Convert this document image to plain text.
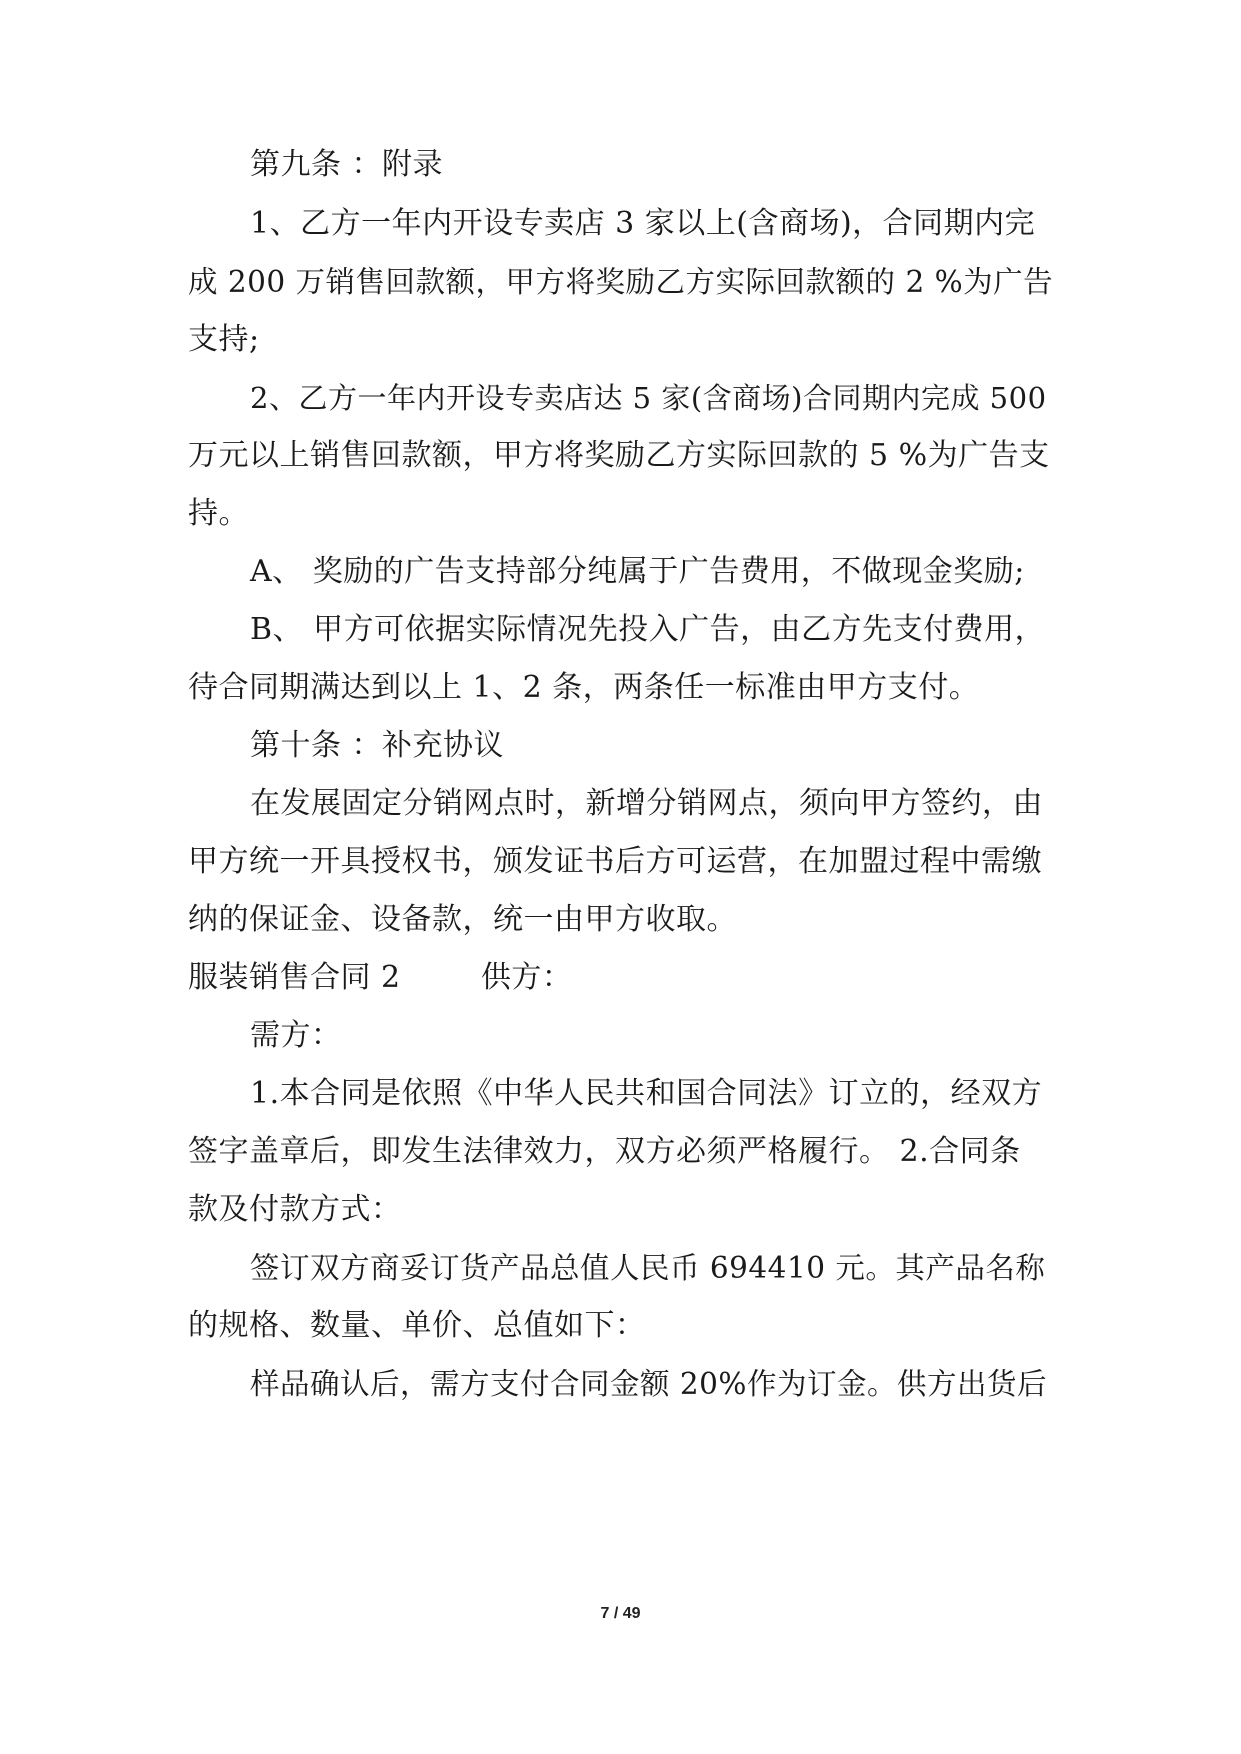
第九条 ：附录
1、乙方一年内开设专卖店 3 家以上(含商场)，合同期内完
成 200 万销售回款额，甲方将奖励乙方实际回款额的 2 %为广告
支持;
2、乙方一年内开设专卖店达 5 家(含商场)合同期内完成 500
万元以上销售回款额，甲方将奖励乙方实际回款的 5 %为广告支
持。
A、 奖励的广告支持部分纯属于广告费用，不做现金奖励;
B、 甲方可依据实际情况先投入广告，由乙方先支付费用，
待合同期满达到以上 1、2 条，两条任一标准由甲方支付。
第十条 ：补充协议
在发展固定分销网点时，新增分销网点，须向甲方签约，由
甲方统一开具授权书，颁发证书后方可运营，在加盟过程中需缴
纳的保证金、设备款，统一由甲方收取。
服装销售合同 2        供方：
需方：
1.本合同是依照《中华人民共和国合同法》订立的，经双方
签字盖章后，即发生法律效力，双方必须严格履行。 2.合同条
款及付款方式：
签订双方商妥订货产品总值人民币 694410 元。其产品名称
的规格、数量、单价、总值如下：
样品确认后，需方支付合同金额 20%作为订金。供方出货后
7 / 49
